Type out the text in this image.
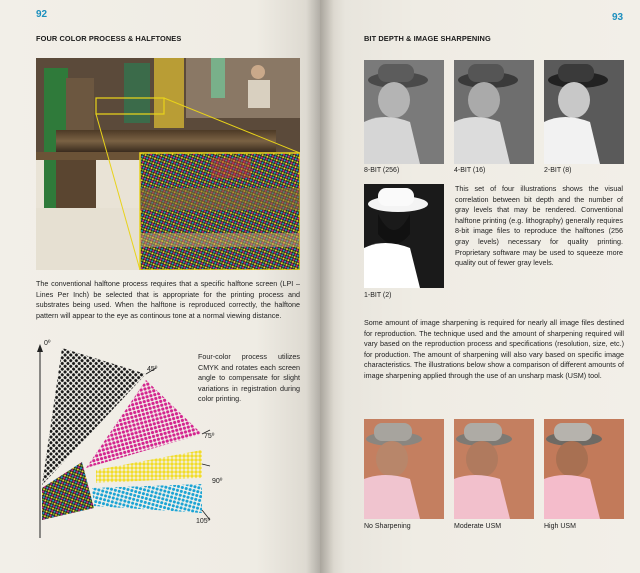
92
FOUR COLOR PROCESS & HALFTONES

The conventional halftone process requires that a specific halftone screen (LPI – Lines Per Inch) be selected that is appropriate for the printing process and substrates being used. When the halftone is reproduced correctly, the halftone pattern will appear to the eye as continous tone at a normal viewing distance.

0º
45º
75º
90º
105º

Four-color process utilizes CMYK and rotates each screen angle to compensate for slight variations in registration during color printing.

93
BIT DEPTH & IMAGE SHARPENING
8-BIT (256)	4-BIT (16)	2-BIT (8)
1-BIT (2)

This set of four illustrations shows the visual correlation between bit depth and the number of gray levels that may be rendered. Conventional halftone printing (e.g. lithography) generally requires 8-bit image files to reproduce the halftones (256 gray levels) necessary for quality printing. Proprietary software may be used to squeeze more quality out of fewer gray levels.

Some amount of image sharpening is required for nearly all image files destined for reproduction. The technique used and the amount of sharpening required will vary based on the reproduction process and specifications (resolution, size, etc.) for production. The amount of sharpening will also vary based on specific image characteristics. The illustrations below show a comparison of different amounts of image sharpening applied through the use of an unsharp mask (USM) tool.

No Sharpening	Moderate USM	High USM
